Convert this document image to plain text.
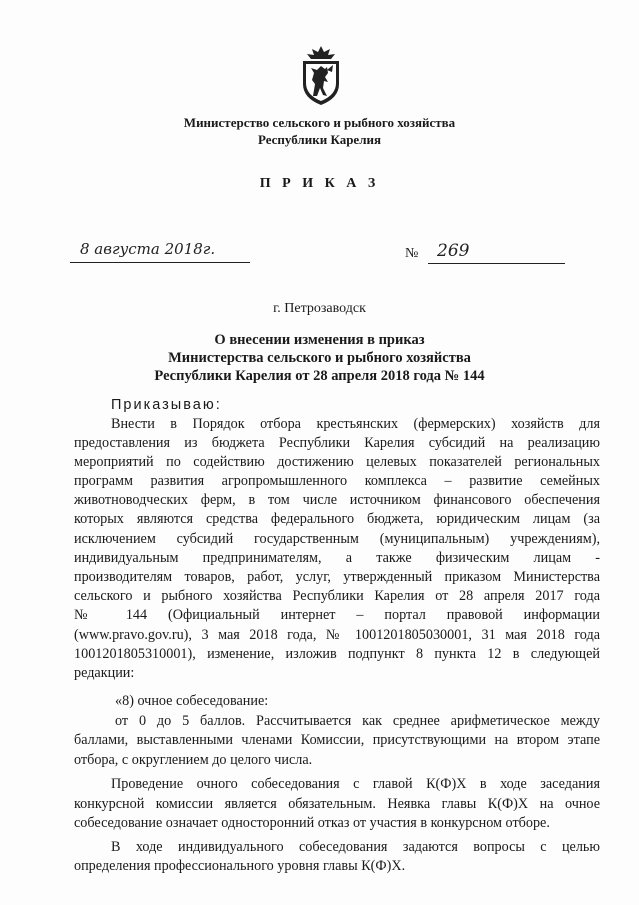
Министерство сельского и рыбного хозяйства
Республики Карелия
П Р И К А З
8 августа 2018г.	№ 269
г. Петрозаводск
О внесении изменения в приказ
Министерства сельского и рыбного хозяйства
Республики Карелия от 28 апреля 2018 года № 144
Приказываю:
Внести в Порядок отбора крестьянских (фермерских) хозяйств для
предоставления из бюджета Республики Карелия субсидий на реализацию
мероприятий по содействию достижению целевых показателей региональных
программ развития агропромышленного комплекса – развитие семейных
животноводческих ферм, в том числе источником финансового обеспечения
которых являются средства федерального бюджета, юридическим лицам (за
исключением субсидий государственным (муниципальным) учреждениям),
индивидуальным предпринимателям, а также физическим лицам -
производителям товаров, работ, услуг, утвержденный приказом Министерства
сельского и рыбного хозяйства Республики Карелия от 28 апреля 2017 года
№ 144 (Официальный интернет – портал правовой информации
(www.pravo.gov.ru), 3 мая 2018 года, № 1001201805030001, 31 мая 2018 года
1001201805310001), изменение, изложив подпункт 8 пункта 12 в следующей
редакции:
«8) очное собеседование:
от 0 до 5 баллов. Рассчитывается как среднее арифметическое между
баллами, выставленными членами Комиссии, присутствующими на втором этапе
отбора, с округлением до целого числа.
Проведение очного собеседования с главой К(Ф)Х в ходе заседания
конкурсной комиссии является обязательным. Неявка главы К(Ф)Х на очное
собеседование означает односторонний отказ от участия в конкурсном отборе.
В ходе индивидуального собеседования задаются вопросы с целью
определения профессионального уровня главы К(Ф)Х.
